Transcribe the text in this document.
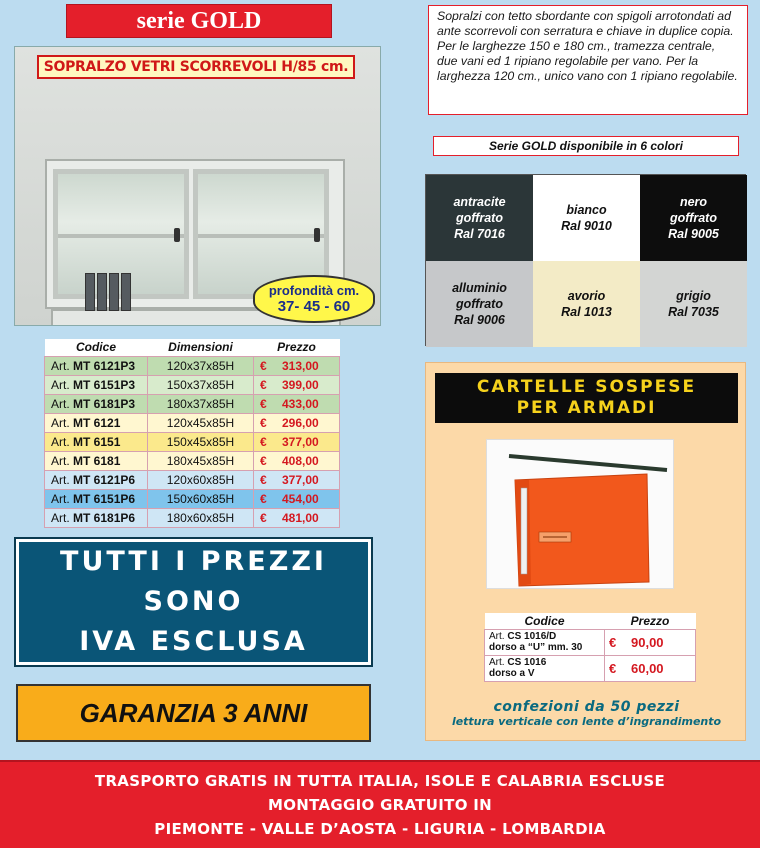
serie GOLD
SOPRALZO VETRI SCORREVOLI H/85 cm.
profondità cm.
37- 45 - 60
Codice	Dimensioni	Prezzo
Art. MT 6121P3	120x37x85H	€ 313,00
Art. MT 6151P3	150x37x85H	€ 399,00
Art. MT 6181P3	180x37x85H	€ 433,00
Art. MT 6121	120x45x85H	€ 296,00
Art. MT 6151	150x45x85H	€ 377,00
Art. MT 6181	180x45x85H	€ 408,00
Art. MT 6121P6	120x60x85H	€ 377,00
Art. MT 6151P6	150x60x85H	€ 454,00
Art. MT 6181P6	180x60x85H	€ 481,00
TUTTI I PREZZI SONO
IVA ESCLUSA
GARANZIA 3 ANNI
Sopralzi con tetto sbordante con spigoli arrotondati ad ante scorrevoli con serratura e chiave in duplice copia. Per le larghezze 150 e 180 cm., tramezza centrale, due vani ed 1 ripiano regolabile per vano. Per la larghezza 120 cm., unico vano con 1 ripiano regolabile.
Serie GOLD disponibile in 6 colori
antracite
goffrato
Ral 7016
bianco
Ral 9010
nero
goffrato
Ral 9005
alluminio
goffrato
Ral 9006
avorio
Ral 1013
grigio
Ral 7035
CARTELLE SOSPESE
PER ARMADI
Codice	Prezzo
Art. CS 1016/D
dorso a “U” mm. 30	€ 90,00
Art. CS 1016
dorso a V	€ 60,00
confezioni da 50 pezzi
lettura verticale con lente d’ingrandimento
TRASPORTO GRATIS IN TUTTA ITALIA, ISOLE E CALABRIA ESCLUSE
MONTAGGIO GRATUITO IN
PIEMONTE - VALLE D’AOSTA - LIGURIA - LOMBARDIA
